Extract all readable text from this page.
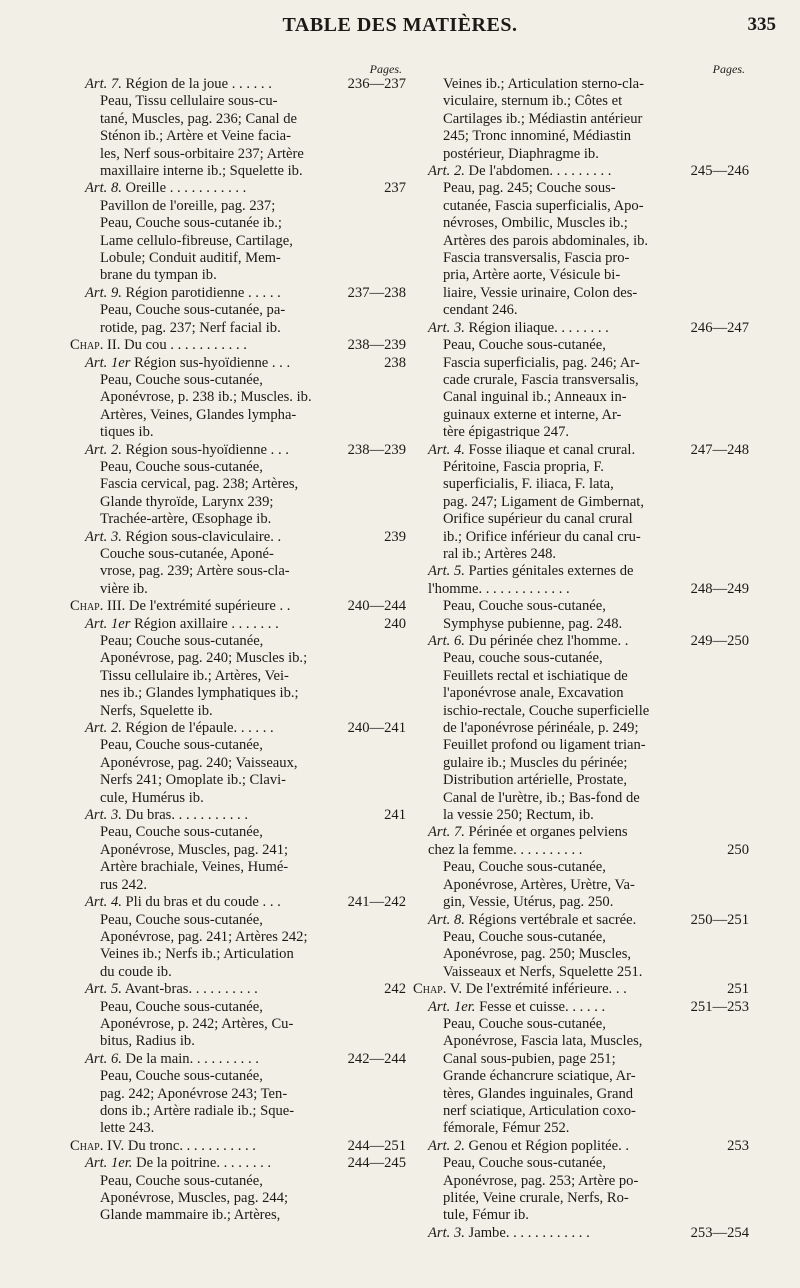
TABLE DES MATIÈRES.	335
Pages.
Art. 7. Région de la joue . . . . . .	236—237
Peau, Tissu cellulaire sous-cu-
tané, Muscles, pag. 236; Canal de
Sténon ib.; Artère et Veine facia-
les, Nerf sous-orbitaire 237; Artère
maxillaire interne ib.; Squelette ib.
Art. 8. Oreille . . . . . . . . . . .	237
Pavillon de l'oreille, pag. 237;
Peau, Couche sous-cutanée ib.;
Lame cellulo-fibreuse, Cartilage,
Lobule; Conduit auditif, Mem-
brane du tympan ib.
Art. 9. Région parotidienne . . . . .	237—238
Peau, Couche sous-cutanée, pa-
rotide, pag. 237; Nerf facial ib.
Chap. II. Du cou . . . . . . . . . . .	238—239
Art. 1er Région sus-hyoïdienne . . .	238
Peau, Couche sous-cutanée,
Aponévrose, p. 238 ib.; Muscles. ib.
Artères, Veines, Glandes lympha-
tiques ib.
Art. 2. Région sous-hyoïdienne . . .	238—239
Peau, Couche sous-cutanée,
Fascia cervical, pag. 238; Artères,
Glande thyroïde, Larynx 239;
Trachée-artère, Œsophage ib.
Art. 3. Région sous-claviculaire. .	239
Couche sous-cutanée, Aponé-
vrose, pag. 239; Artère sous-cla-
vière ib.
Chap. III. De l'extrémité supérieure . .	240—244
Art. 1er Région axillaire . . . . . . .	240
Peau; Couche sous-cutanée,
Aponévrose, pag. 240; Muscles ib.;
Tissu cellulaire ib.; Artères, Vei-
nes ib.; Glandes lymphatiques ib.;
Nerfs, Squelette ib.
Art. 2. Région de l'épaule. . . . . .	240—241
Peau, Couche sous-cutanée,
Aponévrose, pag. 240; Vaisseaux,
Nerfs 241; Omoplate ib.; Clavi-
cule, Humérus ib.
Art. 3. Du bras. . . . . . . . . . .	241
Peau, Couche sous-cutanée,
Aponévrose, Muscles, pag. 241;
Artère brachiale, Veines, Humé-
rus 242.
Art. 4. Pli du bras et du coude . . .	241—242
Peau, Couche sous-cutanée,
Aponévrose, pag. 241; Artères 242;
Veines ib.; Nerfs ib.; Articulation
du coude ib.
Art. 5. Avant-bras. . . . . . . . . .	242
Peau, Couche sous-cutanée,
Aponévrose, p. 242; Artères, Cu-
bitus, Radius ib.
Art. 6. De la main. . . . . . . . . .	242—244
Peau, Couche sous-cutanée,
pag. 242; Aponévrose 243; Ten-
dons ib.; Artère radiale ib.; Sque-
lette 243.
Chap. IV. Du tronc. . . . . . . . . . .	244—251
Art. 1er. De la poitrine. . . . . . . .	244—245
Peau, Couche sous-cutanée,
Aponévrose, Muscles, pag. 244;
Glande mammaire ib.; Artères,
Pages.
Veines ib.; Articulation sterno-cla-
viculaire, sternum ib.; Côtes et
Cartilages ib.; Médiastin antérieur
245; Tronc innominé, Médiastin
postérieur, Diaphragme ib.
Art. 2. De l'abdomen. . . . . . . . .	245—246
Peau, pag. 245; Couche sous-
cutanée, Fascia superficialis, Apo-
névroses, Ombilic, Muscles ib.;
Artères des parois abdominales, ib.
Fascia transversalis, Fascia pro-
pria, Artère aorte, Vésicule bi-
liaire, Vessie urinaire, Colon des-
cendant 246.
Art. 3. Région iliaque. . . . . . . .	246—247
Peau, Couche sous-cutanée,
Fascia superficialis, pag. 246; Ar-
cade crurale, Fascia transversalis,
Canal inguinal ib.; Anneaux in-
guinaux externe et interne, Ar-
tère épigastrique 247.
Art. 4. Fosse iliaque et canal crural.	247—248
Péritoine, Fascia propria, F.
superficialis, F. iliaca, F. lata,
pag. 247; Ligament de Gimbernat,
Orifice supérieur du canal crural
ib.; Orifice inférieur du canal cru-
ral ib.; Artères 248.
Art. 5. Parties génitales externes de
l'homme. . . . . . . . . . . . .	248—249
Peau, Couche sous-cutanée,
Symphyse pubienne, pag. 248.
Art. 6. Du périnée chez l'homme. .	249—250
Peau, couche sous-cutanée,
Feuillets rectal et ischiatique de
l'aponévrose anale, Excavation
ischio-rectale, Couche superficielle
de l'aponévrose périnéale, p. 249;
Feuillet profond ou ligament trian-
gulaire ib.; Muscles du périnée;
Distribution artérielle, Prostate,
Canal de l'urètre, ib.; Bas-fond de
la vessie 250; Rectum, ib.
Art. 7. Périnée et organes pelviens
chez la femme. . . . . . . . . .	250
Peau, Couche sous-cutanée,
Aponévrose, Artères, Urètre, Va-
gin, Vessie, Utérus, pag. 250.
Art. 8. Régions vertébrale et sacrée.	250—251
Peau, Couche sous-cutanée,
Aponévrose, pag. 250; Muscles,
Vaisseaux et Nerfs, Squelette 251.
Chap. V. De l'extrémité inférieure. . .	251
Art. 1er. Fesse et cuisse. . . . . .	251—253
Peau, Couche sous-cutanée,
Aponévrose, Fascia lata, Muscles,
Canal sous-pubien, page 251;
Grande échancrure sciatique, Ar-
tères, Glandes inguinales, Grand
nerf sciatique, Articulation coxo-
fémorale, Fémur 252.
Art. 2. Genou et Région poplitée. .	253
Peau, Couche sous-cutanée,
Aponévrose, pag. 253; Artère po-
plitée, Veine crurale, Nerfs, Ro-
tule, Fémur ib.
Art. 3. Jambe. . . . . . . . . . . .	253—254
